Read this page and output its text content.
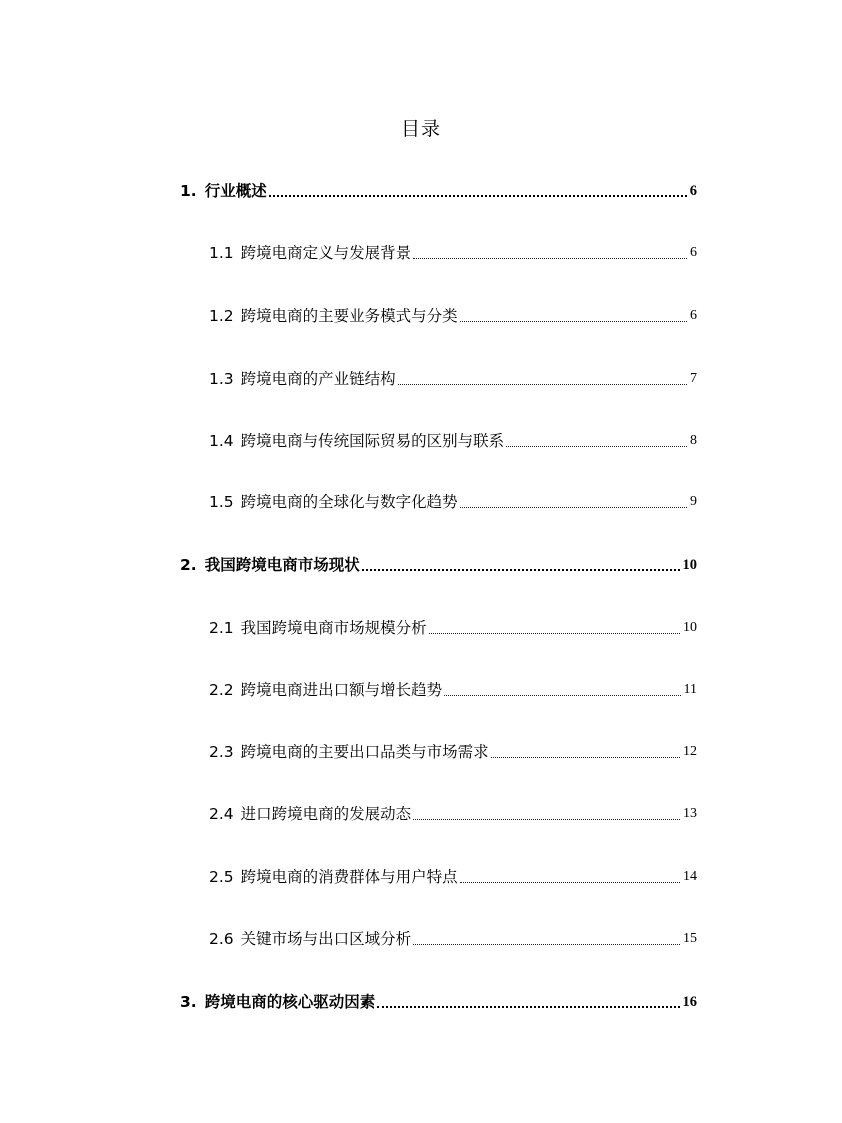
目录
1. 行业概述	6
1.1 跨境电商定义与发展背景	6
1.2 跨境电商的主要业务模式与分类	6
1.3 跨境电商的产业链结构	7
1.4 跨境电商与传统国际贸易的区别与联系	8
1.5 跨境电商的全球化与数字化趋势	9
2. 我国跨境电商市场现状	10
2.1 我国跨境电商市场规模分析	10
2.2 跨境电商进出口额与增长趋势	11
2.3 跨境电商的主要出口品类与市场需求	12
2.4 进口跨境电商的发展动态	13
2.5 跨境电商的消费群体与用户特点	14
2.6 关键市场与出口区域分析	15
3. 跨境电商的核心驱动因素	16
